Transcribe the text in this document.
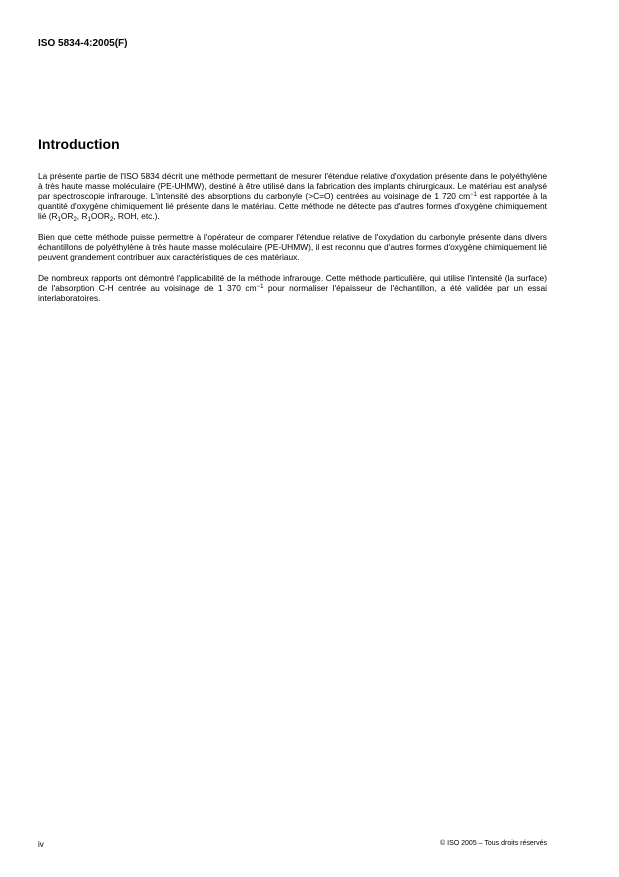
ISO 5834-4:2005(F)
Introduction

La présente partie de l'ISO 5834 décrit une méthode permettant de mesurer l'étendue relative d'oxydation présente dans le polyéthylène à très haute masse moléculaire (PE-UHMW), destiné à être utilisé dans la fabrication des implants chirurgicaux. Le matériau est analysé par spectroscopie infrarouge. L'intensité des absorptions du carbonyle (>C=O) centrées au voisinage de 1 720 $cm^{-1}$ est rapportée à la quantité d'oxygène chimiquement lié présente dans le matériau. Cette méthode ne détecte pas d'autres formes d'oxygène chimiquement lié ($R_1OR_2$, $R_1OOR_2$, ROH, etc.).

Bien que cette méthode puisse permettre à l'opérateur de comparer l'étendue relative de l'oxydation du carbonyle présente dans divers échantillons de polyéthylène à très haute masse moléculaire (PE-UHMW), il est reconnu que d'autres formes d'oxygène chimiquement lié peuvent grandement contribuer aux caractéristiques de ces matériaux.

De nombreux rapports ont démontré l'applicabilité de la méthode infrarouge. Cette méthode particulière, qui utilise l'intensité (la surface) de l'absorption C-H centrée au voisinage de 1 370 $cm^{-1}$ pour normaliser l'épaisseur de l'échantillon, a été validée par un essai interlaboratoires.

iv	© ISO 2005 – Tous droits réservés
